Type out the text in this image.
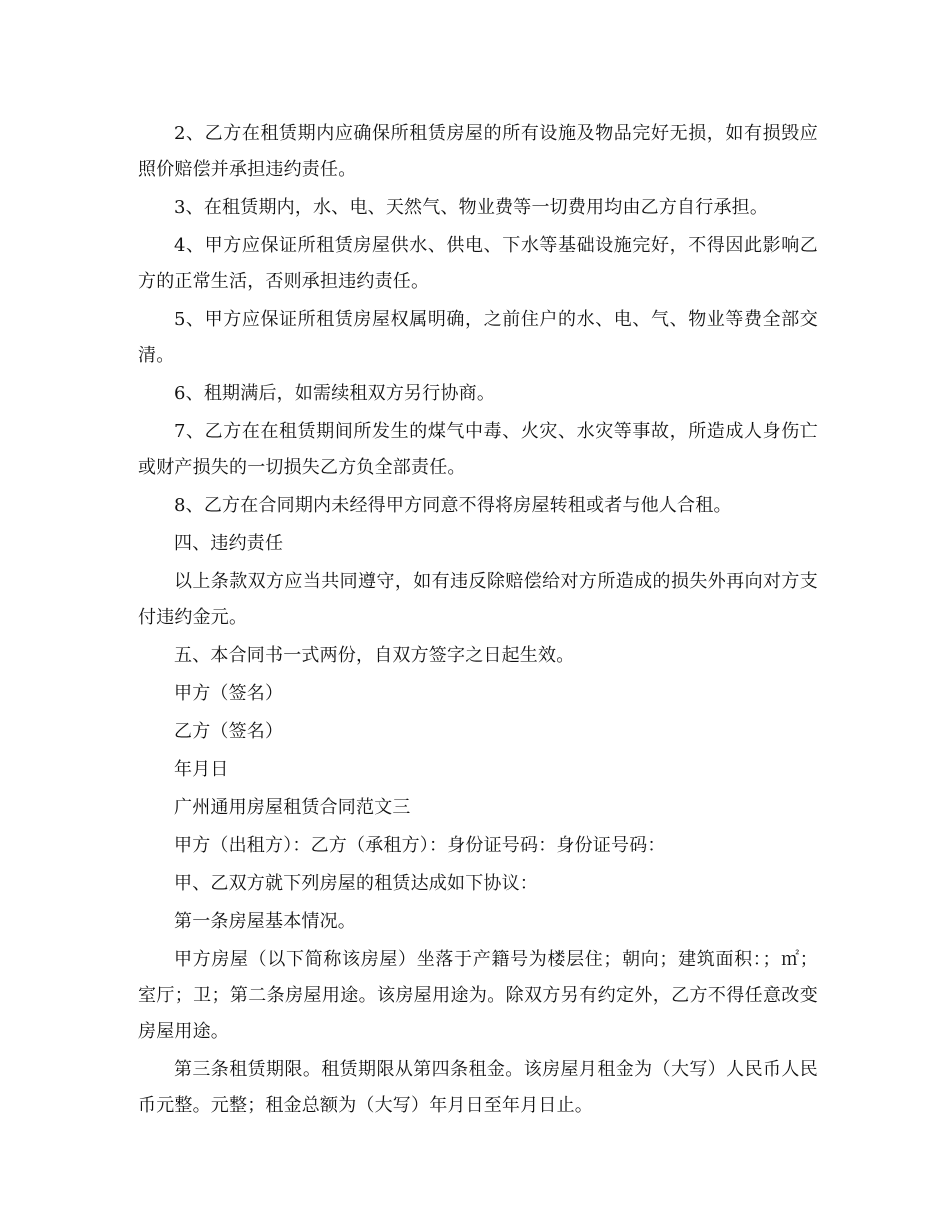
2、乙方在租赁期内应确保所租赁房屋的所有设施及物品完好无损，如有损毁应照价赔偿并承担违约责任。

3、在租赁期内，水、电、天然气、物业费等一切费用均由乙方自行承担。

4、甲方应保证所租赁房屋供水、供电、下水等基础设施完好，不得因此影响乙方的正常生活，否则承担违约责任。

5、甲方应保证所租赁房屋权属明确，之前住户的水、电、气、物业等费全部交清。

6、租期满后，如需续租双方另行协商。

7、乙方在在租赁期间所发生的煤气中毒、火灾、水灾等事故，所造成人身伤亡或财产损失的一切损失乙方负全部责任。

8、乙方在合同期内未经得甲方同意不得将房屋转租或者与他人合租。

四、违约责任

以上条款双方应当共同遵守，如有违反除赔偿给对方所造成的损失外再向对方支付违约金元。

五、本合同书一式两份，自双方签字之日起生效。

甲方（签名）

乙方（签名）

年月日

广州通用房屋租赁合同范文三

甲方（出租方）：乙方（承租方）：身份证号码：身份证号码：

甲、乙双方就下列房屋的租赁达成如下协议：

第一条房屋基本情况。

甲方房屋（以下简称该房屋）坐落于产籍号为楼层住；朝向；建筑面积：；㎡；室厅；卫；第二条房屋用途。该房屋用途为。除双方另有约定外，乙方不得任意改变房屋用途。

第三条租赁期限。租赁期限从第四条租金。该房屋月租金为（大写）人民币人民币元整。元整；租金总额为（大写）年月日至年月日止。
